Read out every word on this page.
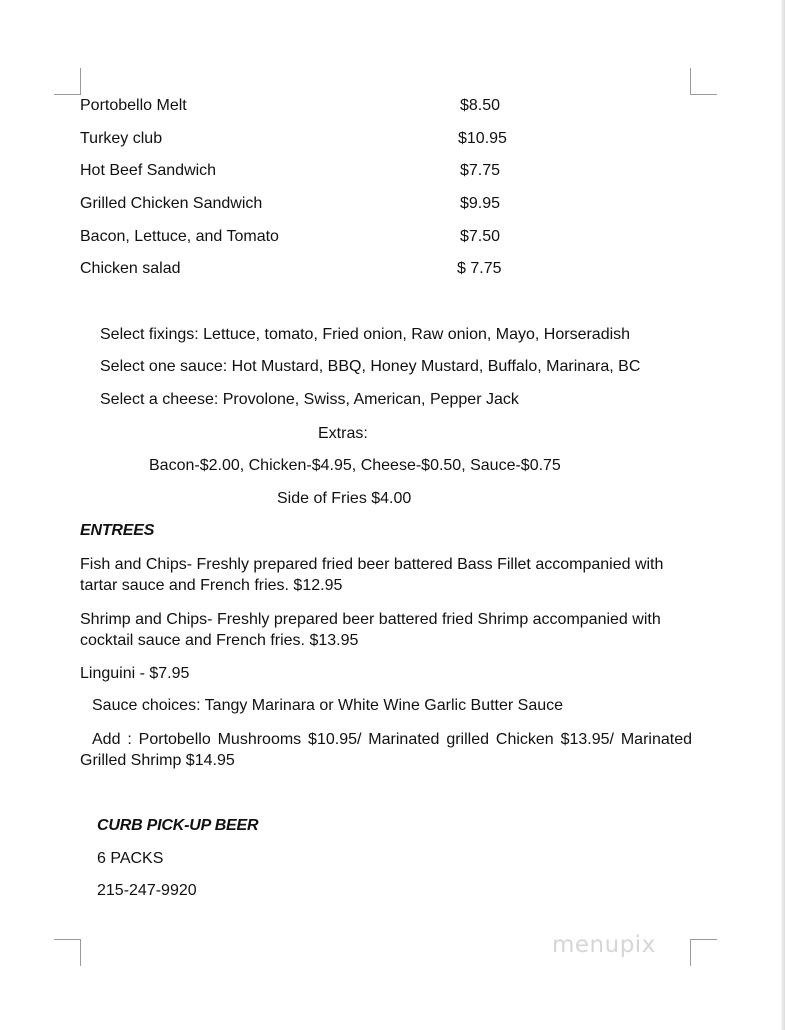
Portobello Melt	$8.50
Turkey club	$10.95
Hot Beef Sandwich	$7.75
Grilled Chicken Sandwich	$9.95
Bacon, Lettuce, and Tomato	$7.50
Chicken salad	$ 7.75
Select fixings: Lettuce, tomato, Fried onion, Raw onion, Mayo, Horseradish
Select one sauce: Hot Mustard, BBQ, Honey Mustard, Buffalo, Marinara, BC
Select a cheese: Provolone, Swiss, American, Pepper Jack
Extras:
Bacon-$2.00, Chicken-$4.95, Cheese-$0.50, Sauce-$0.75
Side of Fries $4.00
ENTREES
Fish and Chips- Freshly prepared fried beer battered Bass Fillet accompanied with tartar sauce and French fries. $12.95
Shrimp and Chips- Freshly prepared beer battered fried Shrimp accompanied with cocktail sauce and French fries. $13.95
Linguini - $7.95
Sauce choices: Tangy Marinara or White Wine Garlic Butter Sauce
Add : Portobello Mushrooms $10.95/ Marinated grilled Chicken $13.95/ Marinated Grilled Shrimp $14.95
CURB PICK-UP BEER
6 PACKS
215-247-9920
menupix
